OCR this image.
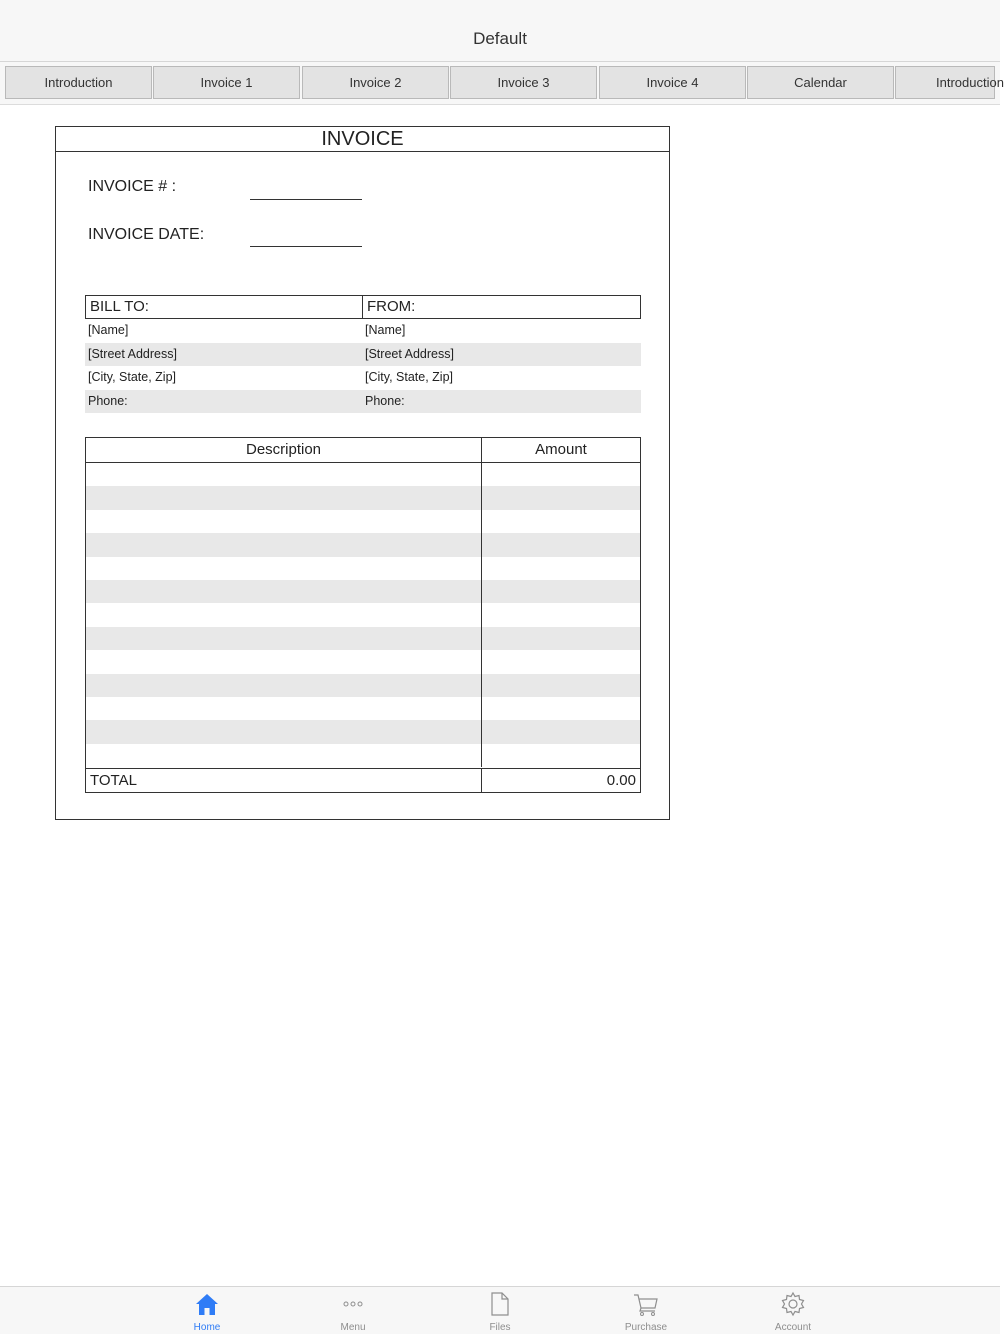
Default
Introduction	Invoice 1	Invoice 2	Invoice 3	Invoice 4	Calendar	Introduction
INVOICE
INVOICE # :
INVOICE DATE:
BILL TO:	FROM:
[Name]	[Name]
[Street Address]	[Street Address]
[City, State, Zip]	[City, State, Zip]
Phone:	Phone:
Description	Amount
TOTAL	0.00
Home	Menu	Files	Purchase	Account
